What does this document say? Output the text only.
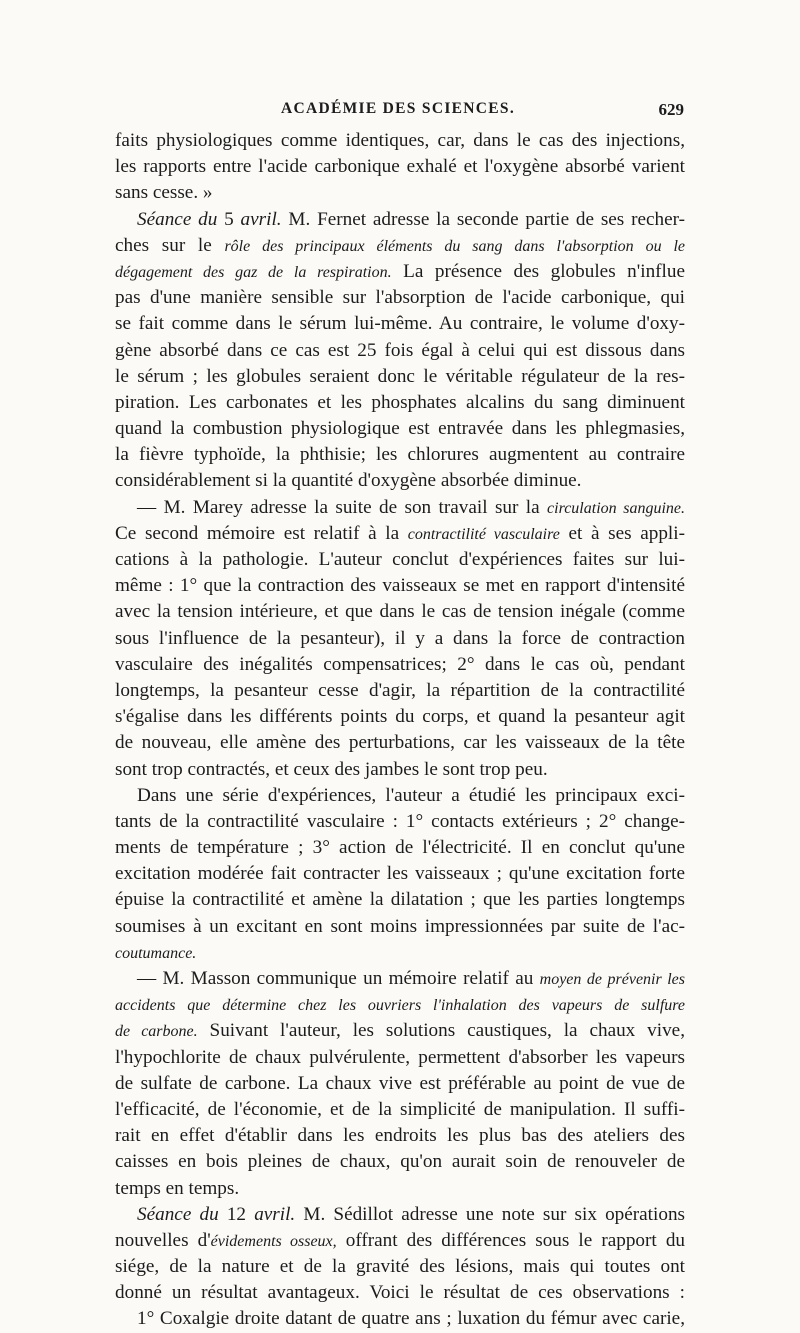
ACADÉMIE DES SCIENCES.	629
faits physiologiques comme identiques, car, dans le cas des injections,
les rapports entre l'acide carbonique exhalé et l'oxygène absorbé varient
sans cesse. »
Séance du 5 avril. M. Fernet adresse la seconde partie de ses recher-
ches sur le rôle des principaux éléments du sang dans l'absorption ou le
dégagement des gaz de la respiration. La présence des globules n'influe
pas d'une manière sensible sur l'absorption de l'acide carbonique, qui
se fait comme dans le sérum lui-même. Au contraire, le volume d'oxy-
gène absorbé dans ce cas est 25 fois égal à celui qui est dissous dans
le sérum ; les globules seraient donc le véritable régulateur de la res-
piration. Les carbonates et les phosphates alcalins du sang diminuent
quand la combustion physiologique est entravée dans les phlegmasies,
la fièvre typhoïde, la phthisie; les chlorures augmentent au contraire
considérablement si la quantité d'oxygène absorbée diminue.
— M. Marey adresse la suite de son travail sur la circulation sanguine.
Ce second mémoire est relatif à la contractilité vasculaire et à ses appli-
cations à la pathologie. L'auteur conclut d'expériences faites sur lui-
même : 1° que la contraction des vaisseaux se met en rapport d'intensité
avec la tension intérieure, et que dans le cas de tension inégale (comme
sous l'influence de la pesanteur), il y a dans la force de contraction
vasculaire des inégalités compensatrices; 2° dans le cas où, pendant
longtemps, la pesanteur cesse d'agir, la répartition de la contractilité
s'égalise dans les différents points du corps, et quand la pesanteur agit
de nouveau, elle amène des perturbations, car les vaisseaux de la tête
sont trop contractés, et ceux des jambes le sont trop peu.
Dans une série d'expériences, l'auteur a étudié les principaux exci-
tants de la contractilité vasculaire : 1° contacts extérieurs ; 2° change-
ments de température ; 3° action de l'électricité. Il en conclut qu'une
excitation modérée fait contracter les vaisseaux ; qu'une excitation forte
épuise la contractilité et amène la dilatation ; que les parties longtemps
soumises à un excitant en sont moins impressionnées par suite de l'ac-
coutumance.
— M. Masson communique un mémoire relatif au moyen de prévenir les
accidents que détermine chez les ouvriers l'inhalation des vapeurs de sulfure
de carbone. Suivant l'auteur, les solutions caustiques, la chaux vive,
l'hypochlorite de chaux pulvérulente, permettent d'absorber les vapeurs
de sulfate de carbone. La chaux vive est préférable au point de vue de
l'efficacité, de l'économie, et de la simplicité de manipulation. Il suffi-
rait en effet d'établir dans les endroits les plus bas des ateliers des
caisses en bois pleines de chaux, qu'on aurait soin de renouveler de
temps en temps.
Séance du 12 avril. M. Sédillot adresse une note sur six opérations
nouvelles d'évidements osseux, offrant des différences sous le rapport du
siége, de la nature et de la gravité des lésions, mais qui toutes ont
donné un résultat avantageux. Voici le résultat de ces observations :
1° Coxalgie droite datant de quatre ans ; luxation du fémur avec carie,
